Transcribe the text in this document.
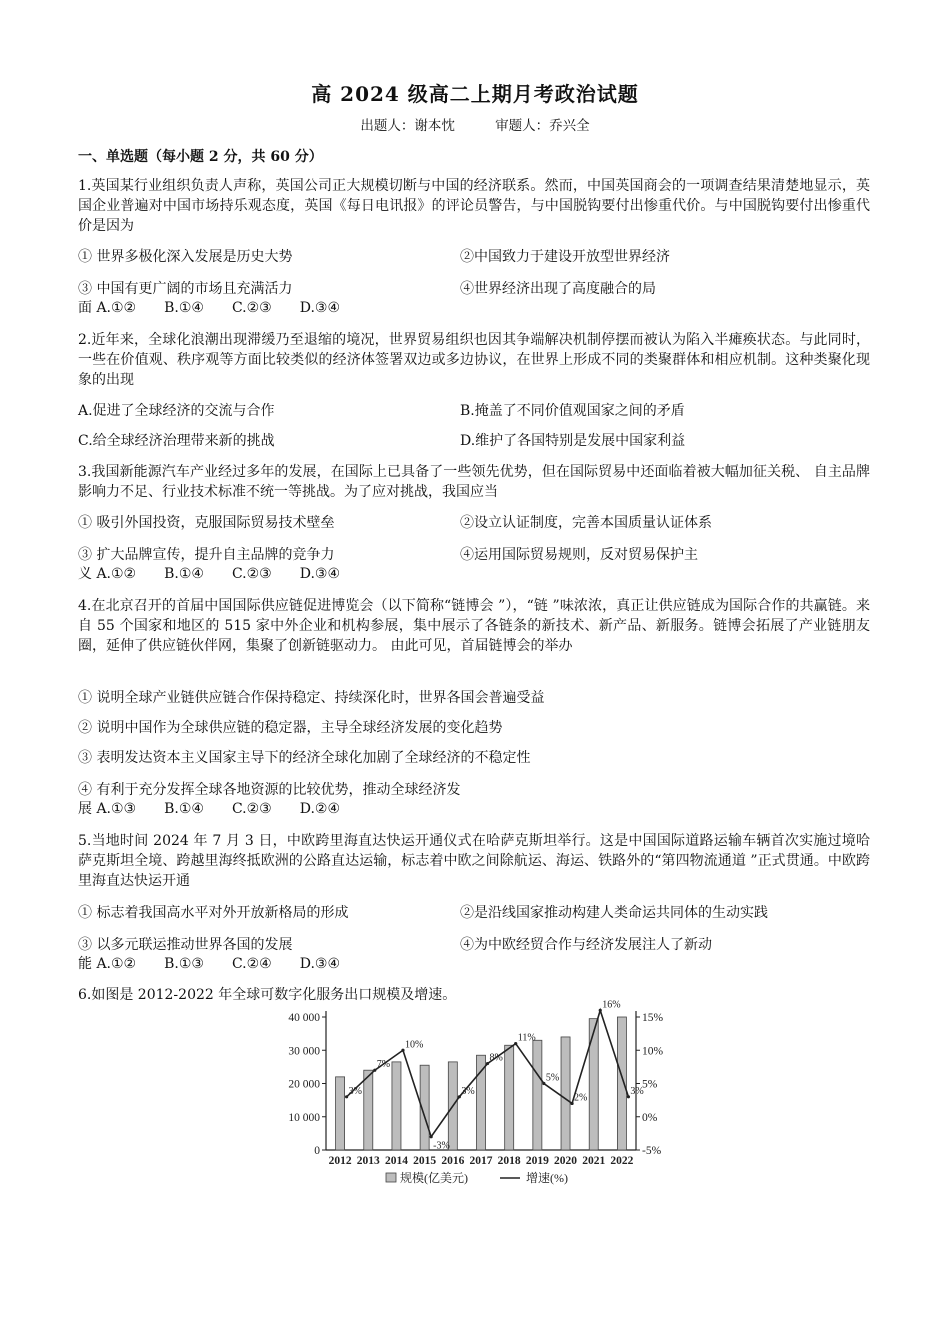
高 2024 级高二上期月考政治试题
出题人：谢本忱	审题人：乔兴全
一、单选题（每小题 2 分，共 60 分）
1.英国某行业组织负责人声称，英国公司正大规模切断与中国的经济联系。然而，中国英国商会的一项调查结果清楚地显示，英国企业普遍对中国市场持乐观态度，英国《每日电讯报》的评论员警告，与中国脱钩要付出惨重代价。与中国脱钩要付出惨重代价是因为
① 世界多极化深入发展是历史大势	②中国致力于建设开放型世界经济
③ 中国有更广阔的市场且充满活力	④世界经济出现了高度融合的局
面 A.①②　　B.①④　　C.②③　　D.③④
2.近年来，全球化浪潮出现滞缓乃至退缩的境况，世界贸易组织也因其争端解决机制停摆而被认为陷入半瘫痪状态。与此同时，一些在价值观、秩序观等方面比较类似的经济体签署双边或多边协议，在世界上形成不同的类聚群体和相应机制。这种类聚化现象的出现
A.促进了全球经济的交流与合作	B.掩盖了不同价值观国家之间的矛盾
C.给全球经济治理带来新的挑战	D.维护了各国特别是发展中国家利益
3.我国新能源汽车产业经过多年的发展，在国际上已具备了一些领先优势，但在国际贸易中还面临着被大幅加征关税、 自主品牌影响力不足、行业技术标准不统一等挑战。为了应对挑战，我国应当
① 吸引外国投资，克服国际贸易技术壁垒	②设立认证制度，完善本国质量认证体系
③ 扩大品牌宣传，提升自主品牌的竞争力	④运用国际贸易规则，反对贸易保护主
义 A.①②　　B.①④　　C.②③　　D.③④
4.在北京召开的首届中国国际供应链促进博览会（以下简称“链博会 ”），“链 ”味浓浓，真正让供应链成为国际合作的共赢链。来自 55 个国家和地区的 515 家中外企业和机构参展，集中展示了各链条的新技术、新产品、新服务。链博会拓展了产业链朋友圈，延伸了供应链伙伴网，集聚了创新链驱动力。 由此可见，首届链博会的举办
① 说明全球产业链供应链合作保持稳定、持续深化时，世界各国会普遍受益
② 说明中国作为全球供应链的稳定器，主导全球经济发展的变化趋势
③ 表明发达资本主义国家主导下的经济全球化加剧了全球经济的不稳定性
④ 有利于充分发挥全球各地资源的比较优势，推动全球经济发
展 A.①③　　B.①④　　C.②③　　D.②④
5.当地时间 2024 年 7 月 3 日，中欧跨里海直达快运开通仪式在哈萨克斯坦举行。这是中国国际道路运输车辆首次实施过境哈萨克斯坦全境、跨越里海终抵欧洲的公路直达运输，标志着中欧之间除航运、海运、铁路外的“第四物流通道 ”正式贯通。中欧跨里海直达快运开通
① 标志着我国高水平对外开放新格局的形成	②是沿线国家推动构建人类命运共同体的生动实践
③ 以多元联运推动世界各国的发展	④为中欧经贸合作与经济发展注人了新动
能 A.①②　　B.①③　　C.②④　　D.③④
6.如图是 2012-2022 年全球可数字化服务出口规模及增速。
40 000
30 000
20 000
10 000
0
15%
10%
5%
0%
-5%
2012 2013 2014 2015 2016 2017 2018 2019 2020 2021 2022
3%
7%
10%
-3%
3%
8%
11%
5%
2%
16%
3%
规模(亿美元)	增速(%)
